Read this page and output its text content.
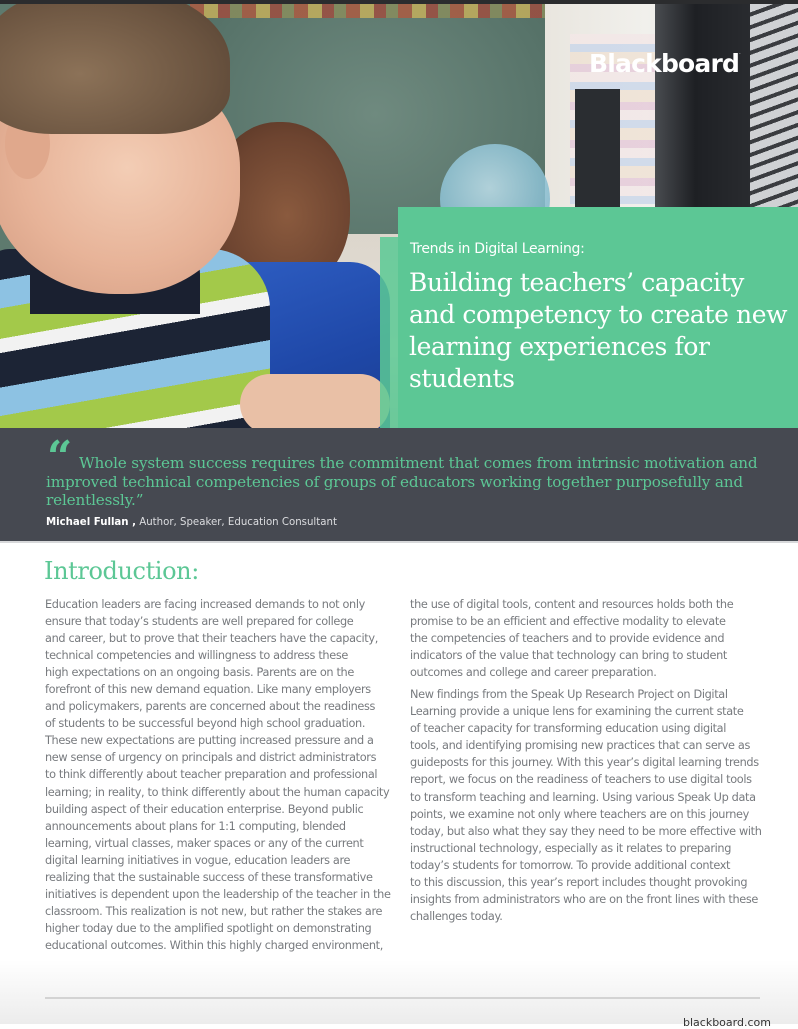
Blackboard·
Trends in Digital Learning:
Building teachers’ capacity and competency to create new learning experiences for students
“ Whole system success requires the commitment that comes from intrinsic motivation and improved technical competencies of groups of educators working together purposefully and relentlessly.”
Michael Fullan , Author, Speaker, Education Consultant
Introduction:

Education leaders are facing increased demands to not only
ensure that today’s students are well prepared for college
and career, but to prove that their teachers have the capacity,
technical competencies and willingness to address these
high expectations on an ongoing basis. Parents are on the
forefront of this new demand equation. Like many employers
and policymakers, parents are concerned about the readiness
of students to be successful beyond high school graduation.
These new expectations are putting increased pressure and a
new sense of urgency on principals and district administrators
to think differently about teacher preparation and professional
learning; in reality, to think differently about the human capacity
building aspect of their education enterprise. Beyond public
announcements about plans for 1:1 computing, blended
learning, virtual classes, maker spaces or any of the current
digital learning initiatives in vogue, education leaders are
realizing that the sustainable success of these transformative
initiatives is dependent upon the leadership of the teacher in the
classroom. This realization is not new, but rather the stakes are
higher today due to the amplified spotlight on demonstrating
educational outcomes. Within this highly charged environment,

the use of digital tools, content and resources holds both the
promise to be an efficient and effective modality to elevate
the competencies of teachers and to provide evidence and
indicators of the value that technology can bring to student
outcomes and college and career preparation.

New findings from the Speak Up Research Project on Digital
Learning provide a unique lens for examining the current state
of teacher capacity for transforming education using digital
tools, and identifying promising new practices that can serve as
guideposts for this journey. With this year’s digital learning trends
report, we focus on the readiness of teachers to use digital tools
to transform teaching and learning. Using various Speak Up data
points, we examine not only where teachers are on this journey
today, but also what they say they need to be more effective with
instructional technology, especially as it relates to preparing
today’s students for tomorrow. To provide additional context
to this discussion, this year’s report includes thought provoking
insights from administrators who are on the front lines with these
challenges today.

blackboard.com
